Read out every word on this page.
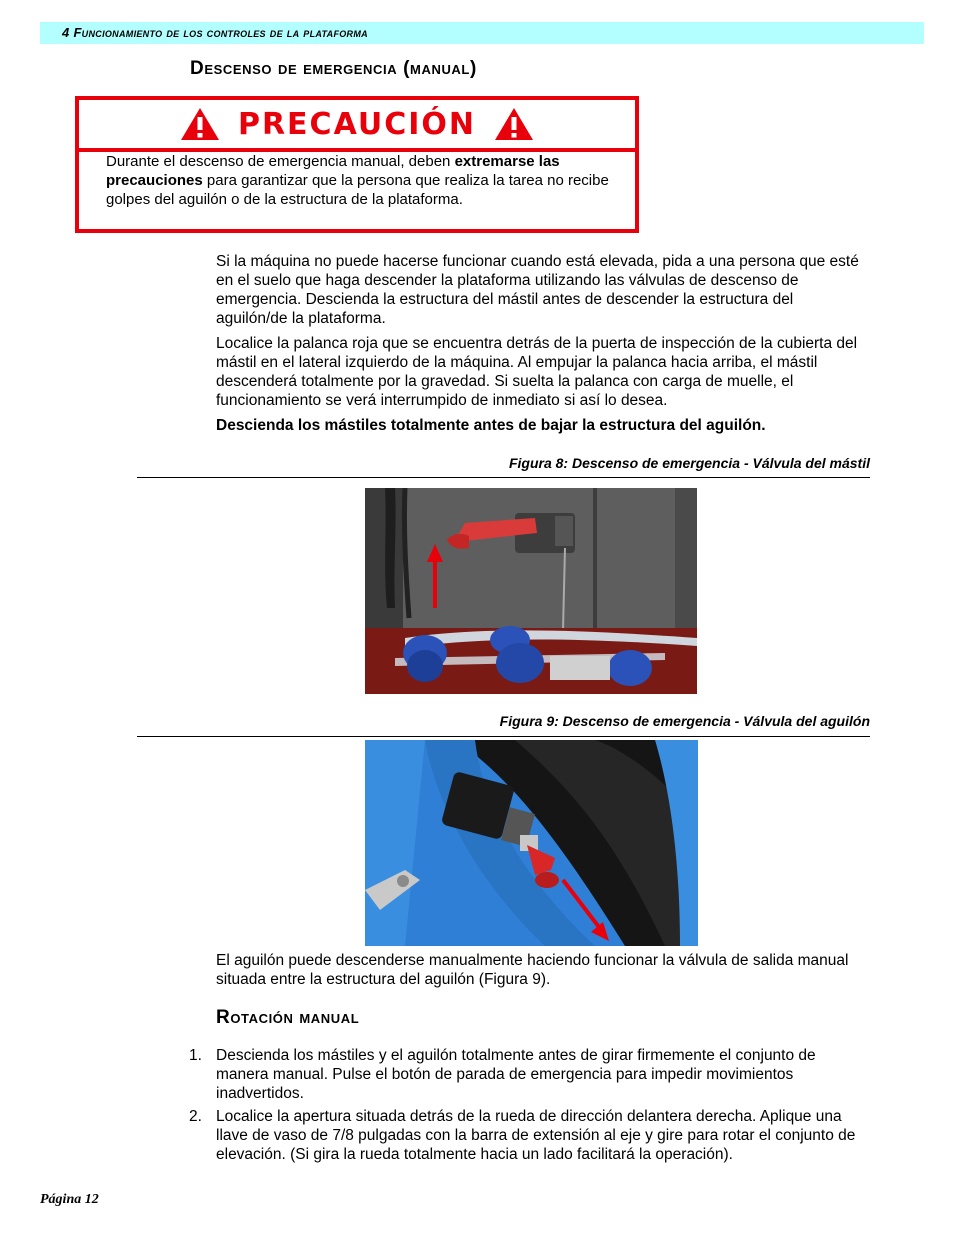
4 Funcionamiento de los controles de la plataforma
Descenso de emergencia (manual)
PRECAUCIÓN
Durante el descenso de emergencia manual, deben extremarse las precauciones para garantizar que la persona que realiza la tarea no recibe golpes del aguilón o de la estructura de la plataforma.
Si la máquina no puede hacerse funcionar cuando está elevada, pida a una persona que esté en el suelo que haga descender la plataforma utilizando las válvulas de descenso de emergencia. Descienda la estructura del mástil antes de descender la estructura del aguilón/de la plataforma.
Localice la palanca roja que se encuentra detrás de la puerta de inspección de la cubierta del mástil en el lateral izquierdo de la máquina. Al empujar la palanca hacia arriba, el mástil descenderá totalmente por la gravedad. Si suelta la palanca con carga de muelle, el funcionamiento se verá interrumpido de inmediato si así lo desea.
Descienda los mástiles totalmente antes de bajar la estructura del aguilón.
Figura 8: Descenso de emergencia - Válvula del mástil
Figura 9: Descenso de emergencia - Válvula del aguilón
El aguilón puede descenderse manualmente haciendo funcionar la válvula de salida manual situada entre la estructura del aguilón (Figura 9).
Rotación manual
1. Descienda los mástiles y el aguilón totalmente antes de girar firmemente el conjunto de manera manual. Pulse el botón de parada de emergencia para impedir movimientos inadvertidos.
2. Localice la apertura situada detrás de la rueda de dirección delantera derecha. Aplique una llave de vaso de 7/8 pulgadas con la barra de extensión al eje y gire para rotar el conjunto de elevación. (Si gira la rueda totalmente hacia un lado facilitará la operación).
Página 12
